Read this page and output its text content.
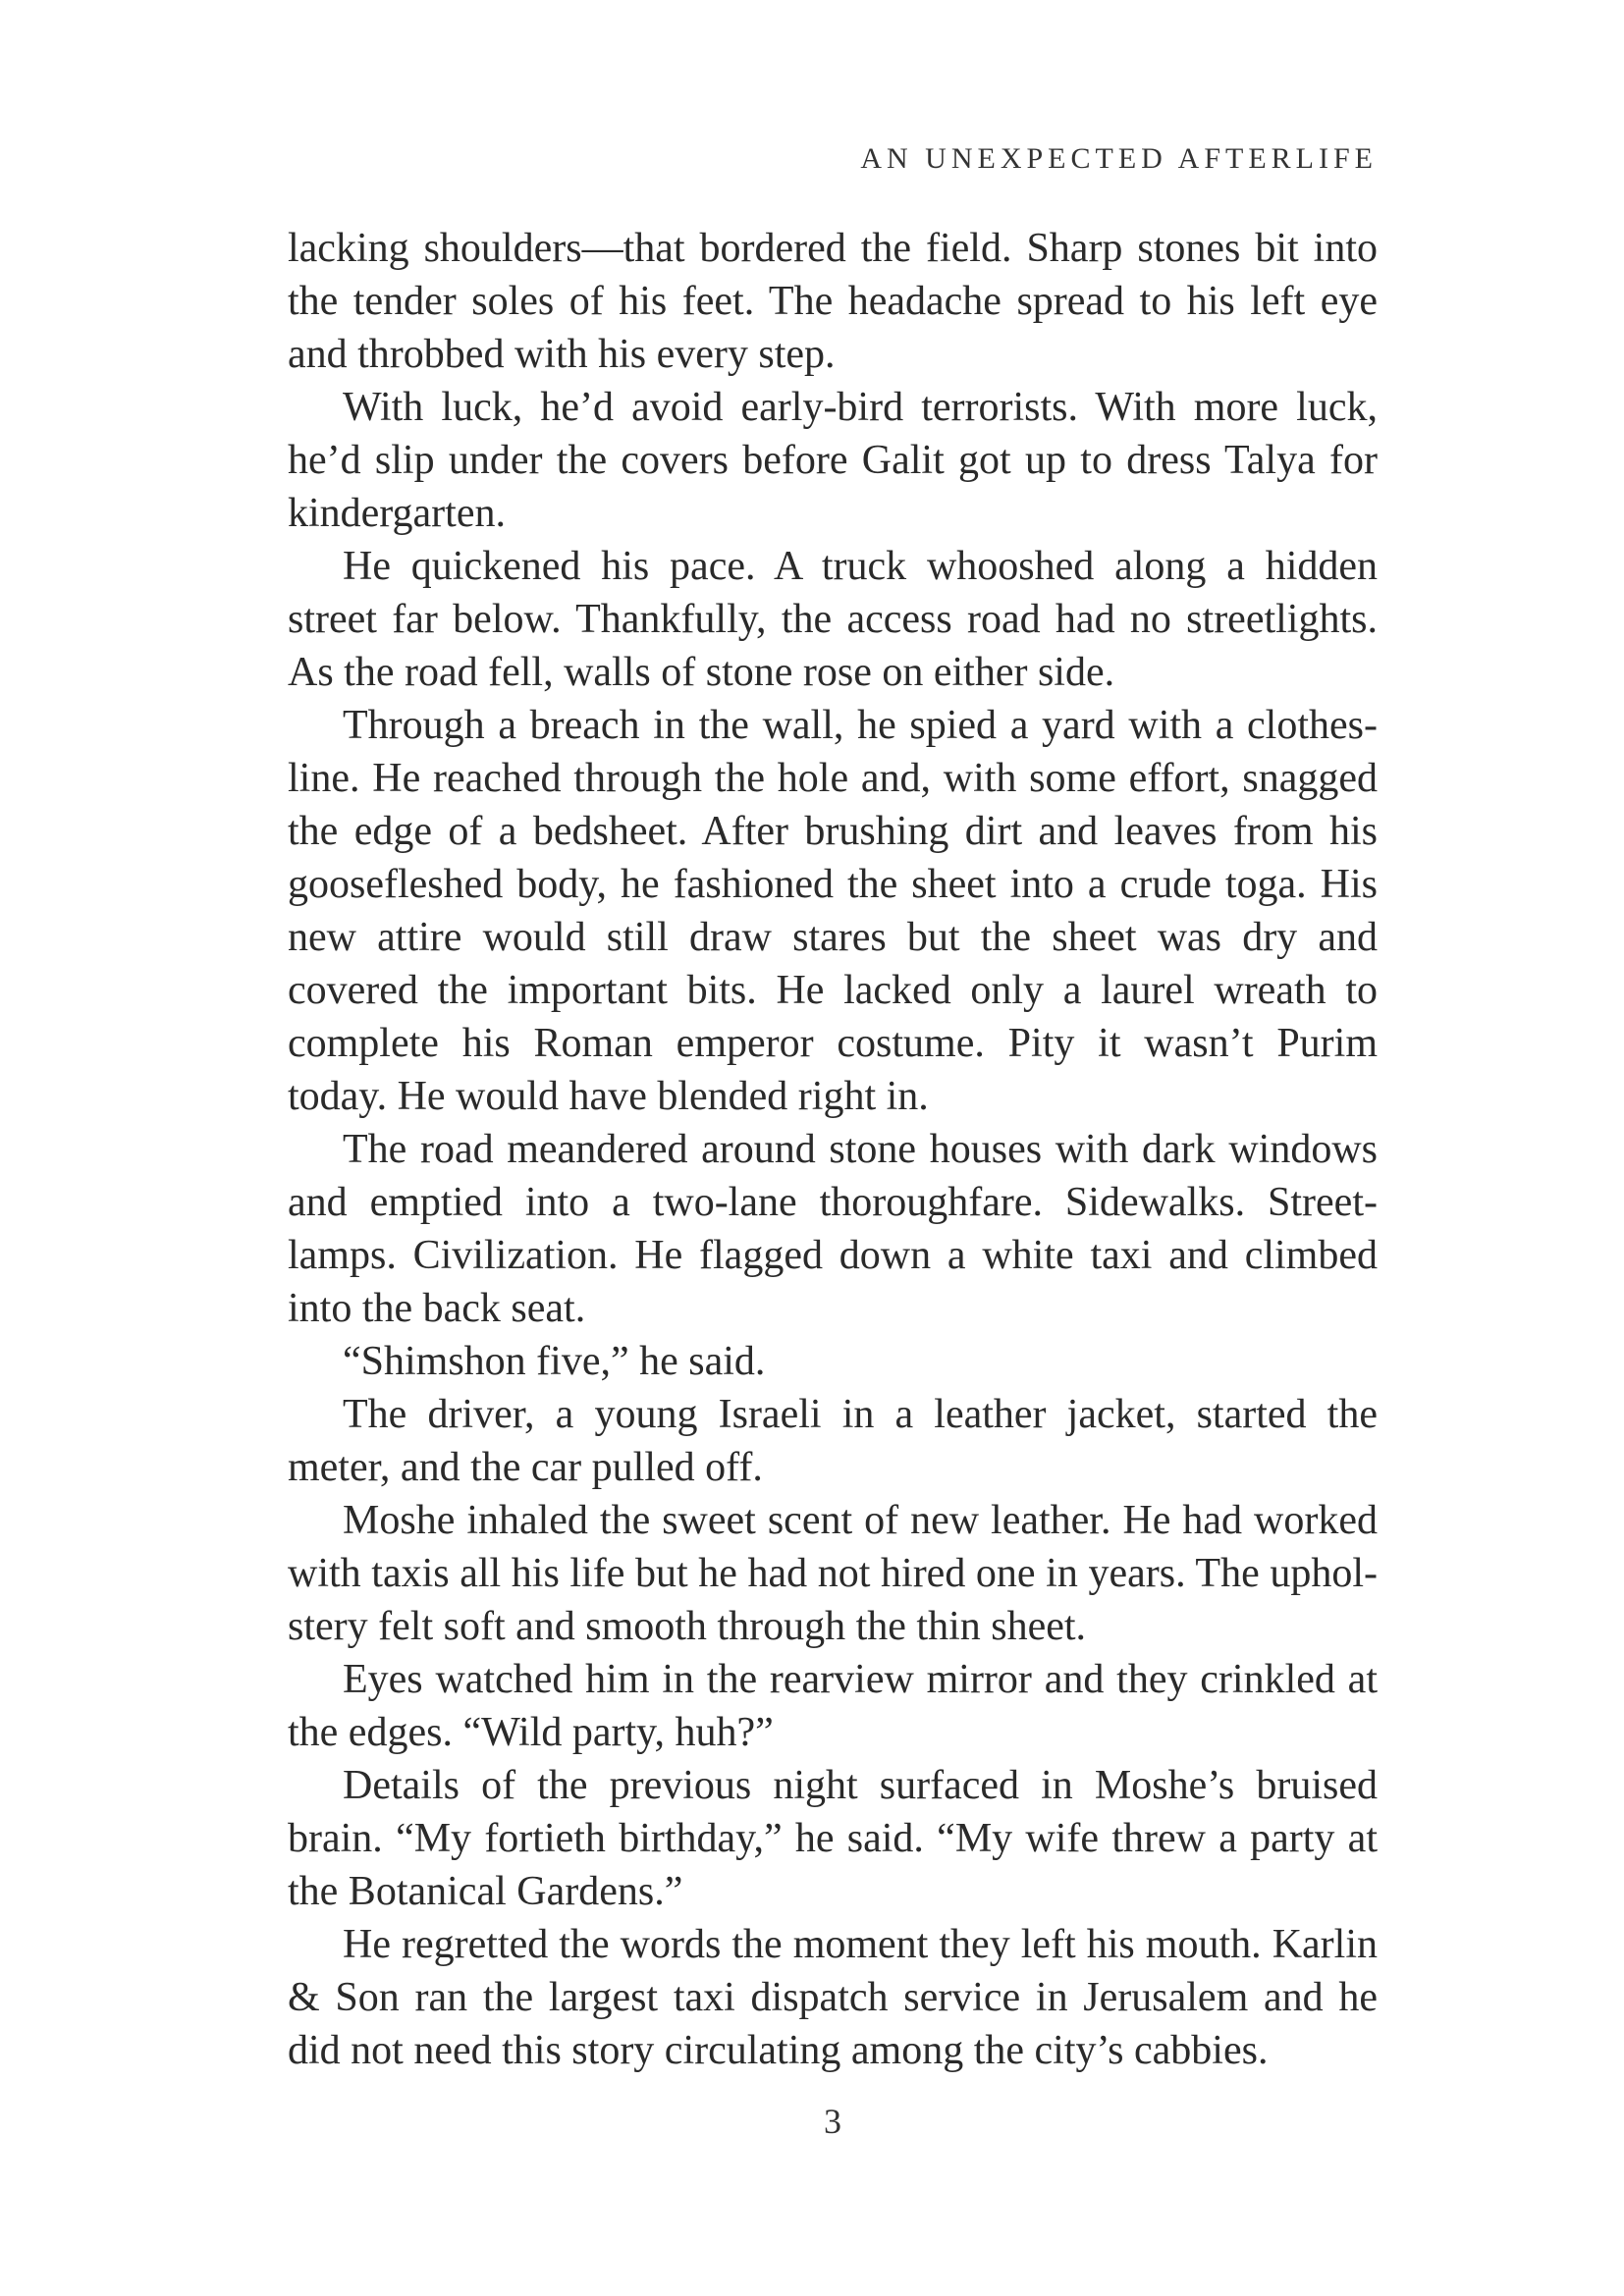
AN UNEXPECTED AFTERLIFE

lacking shoulders—that bordered the field. Sharp stones bit into the tender soles of his feet. The headache spread to his left eye and throbbed with his every step.

With luck, he’d avoid early-bird terrorists. With more luck, he’d slip under the covers before Galit got up to dress Talya for kindergarten.

He quickened his pace. A truck whooshed along a hidden street far below. Thankfully, the access road had no streetlights. As the road fell, walls of stone rose on either side.

Through a breach in the wall, he spied a yard with a clothesline. He reached through the hole and, with some effort, snagged the edge of a bedsheet. After brushing dirt and leaves from his goosefleshed body, he fashioned the sheet into a crude toga. His new attire would still draw stares but the sheet was dry and covered the important bits. He lacked only a laurel wreath to complete his Roman emperor costume. Pity it wasn’t Purim today. He would have blended right in.

The road meandered around stone houses with dark windows and emptied into a two-lane thoroughfare. Sidewalks. Streetlamps. Civilization. He flagged down a white taxi and climbed into the back seat.

“Shimshon five,” he said.

The driver, a young Israeli in a leather jacket, started the meter, and the car pulled off.

Moshe inhaled the sweet scent of new leather. He had worked with taxis all his life but he had not hired one in years. The upholstery felt soft and smooth through the thin sheet.

Eyes watched him in the rearview mirror and they crinkled at the edges. “Wild party, huh?”

Details of the previous night surfaced in Moshe’s bruised brain. “My fortieth birthday,” he said. “My wife threw a party at the Botanical Gardens.”

He regretted the words the moment they left his mouth. Karlin & Son ran the largest taxi dispatch service in Jerusalem and he did not need this story circulating among the city’s cabbies.

3
